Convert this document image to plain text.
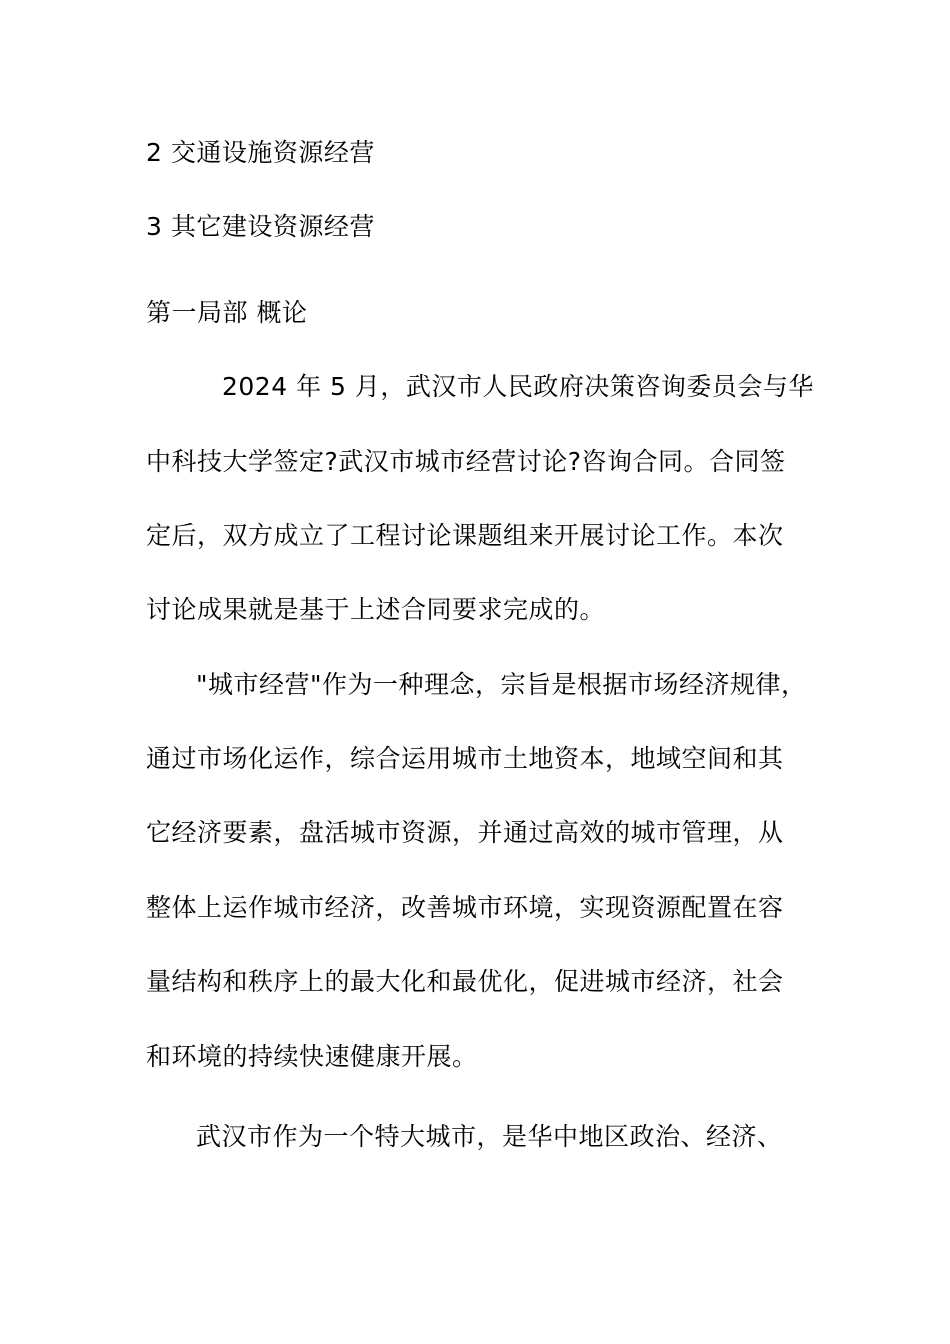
2 交通设施资源经营
3 其它建设资源经营
第一局部 概论
2024 年 5 月，武汉市人民政府决策咨询委员会与华
中科技大学签定?武汉市城市经营讨论?咨询合同。合同签
定后，双方成立了工程讨论课题组来开展讨论工作。本次
讨论成果就是基于上述合同要求完成的。
"城市经营"作为一种理念，宗旨是根据市场经济规律，
通过市场化运作，综合运用城市土地资本，地域空间和其
它经济要素，盘活城市资源，并通过高效的城市管理，从
整体上运作城市经济，改善城市环境，实现资源配置在容
量结构和秩序上的最大化和最优化，促进城市经济，社会
和环境的持续快速健康开展。
武汉市作为一个特大城市，是华中地区政治、经济、
